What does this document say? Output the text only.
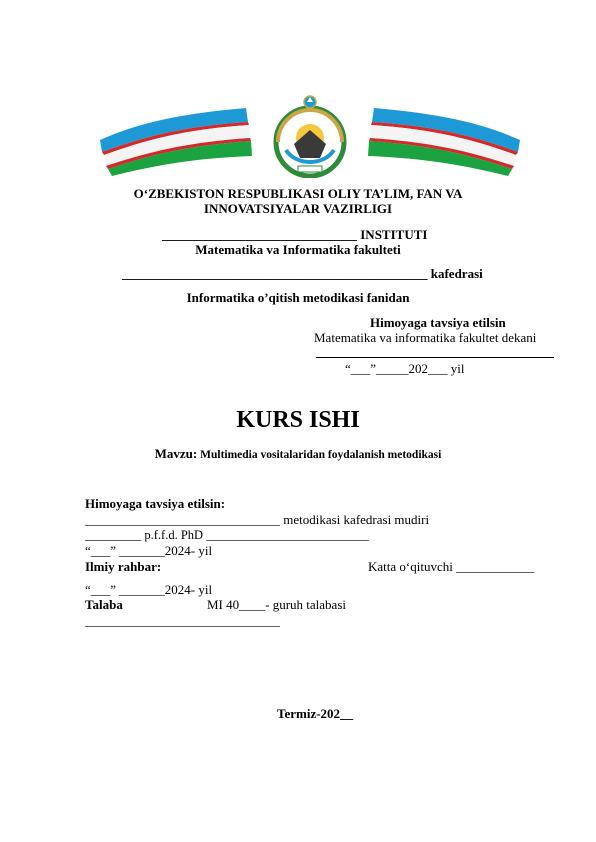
O‘ZBEKISTON RESPUBLIKASI OLIY TA’LIM, FAN VA
INNOVATSIYALAR VAZIRLIGI
______________________________ INSTITUTI
Matematika va Informatika fakulteti
_______________________________________________ kafedrasi
Informatika o’qitish metodikasi fanidan
Himoyaga tavsiya etilsin
Matematika va informatika fakultet dekani
“___”_____202___ yil
KURS ISHI
Mavzu: Multimedia vositalaridan foydalanish metodikasi
Himoyaga tavsiya etilsin:
______________________________ metodikasi kafedrasi mudiri
_________ p.f.f.d. PhD __________________________
“___” _______2024- yil
Ilmiy rahbar:	Katta o‘qituvchi ____________
“___” _______2024- yil
Talaba	MI 40____- guruh talabasi
______________________________
Termiz-202__
